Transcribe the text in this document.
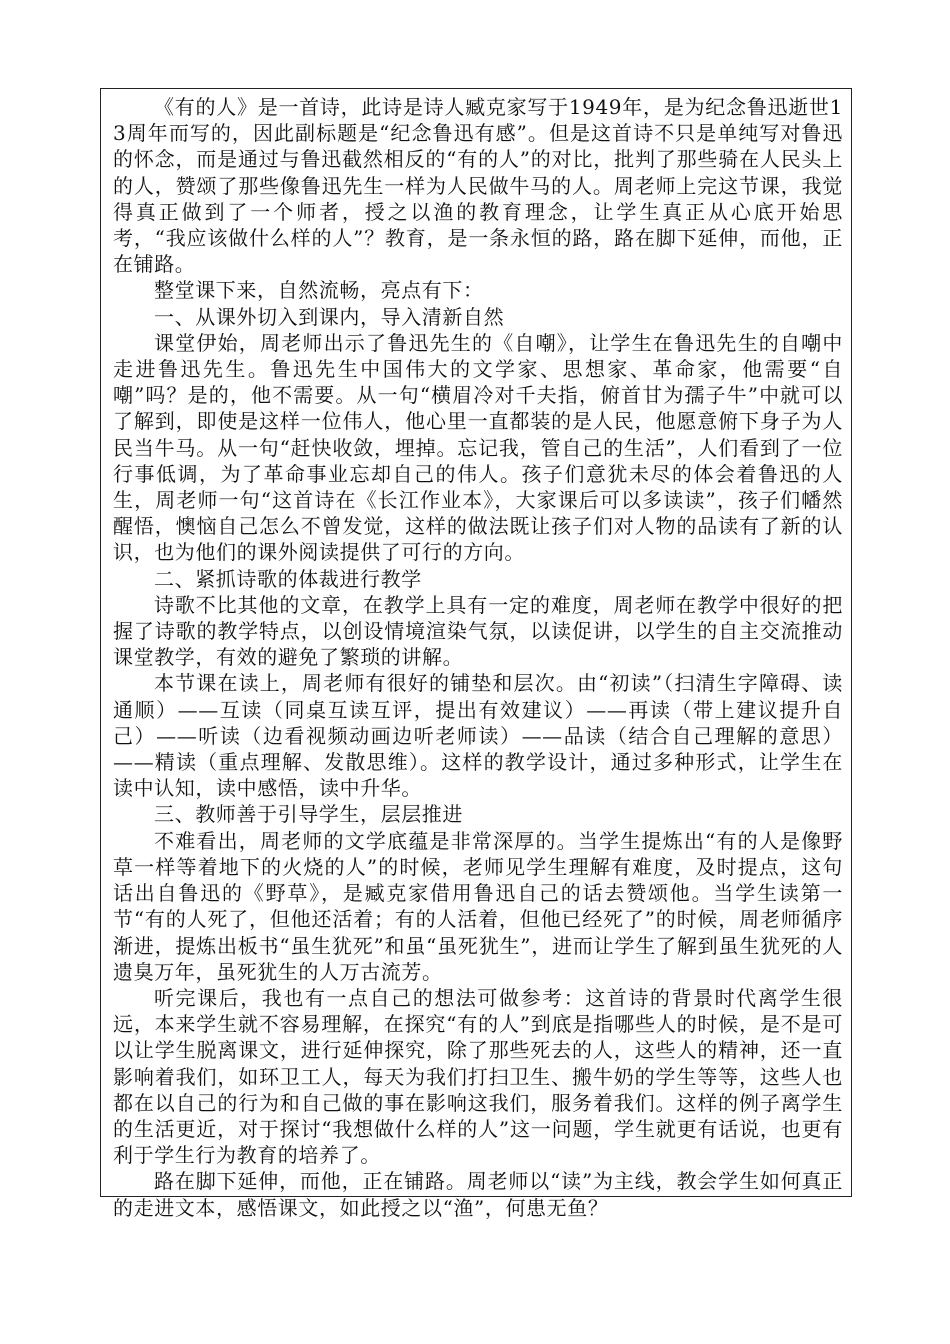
《有的人》是一首诗，此诗是诗人臧克家写于1949年，是为纪念鲁迅逝世13周年而写的，因此副标题是“纪念鲁迅有感”。但是这首诗不只是单纯写对鲁迅的怀念，而是通过与鲁迅截然相反的“有的人”的对比，批判了那些骑在人民头上的人，赞颂了那些像鲁迅先生一样为人民做牛马的人。周老师上完这节课，我觉得真正做到了一个师者，授之以渔的教育理念，让学生真正从心底开始思考，“我应该做什么样的人”？教育，是一条永恒的路，路在脚下延伸，而他，正在铺路。

整堂课下来，自然流畅，亮点有下：

一、从课外切入到课内，导入清新自然

课堂伊始，周老师出示了鲁迅先生的《自嘲》，让学生在鲁迅先生的自嘲中走进鲁迅先生。鲁迅先生中国伟大的文学家、思想家、革命家，他需要“自嘲”吗？是的，他不需要。从一句“横眉冷对千夫指，俯首甘为孺子牛”中就可以了解到，即使是这样一位伟人，他心里一直都装的是人民，他愿意俯下身子为人民当牛马。从一句“赶快收敛，埋掉。忘记我，管自己的生活”，人们看到了一位行事低调，为了革命事业忘却自己的伟人。孩子们意犹未尽的体会着鲁迅的人生，周老师一句“这首诗在《长江作业本》，大家课后可以多读读”，孩子们幡然醒悟，懊恼自己怎么不曾发觉，这样的做法既让孩子们对人物的品读有了新的认识，也为他们的课外阅读提供了可行的方向。

二、紧抓诗歌的体裁进行教学

诗歌不比其他的文章，在教学上具有一定的难度，周老师在教学中很好的把握了诗歌的教学特点，以创设情境渲染气氛，以读促讲，以学生的自主交流推动课堂教学，有效的避免了繁琐的讲解。

本节课在读上，周老师有很好的铺垫和层次。由“初读”（扫清生字障碍、读通顺）——互读（同桌互读互评，提出有效建议）——再读（带上建议提升自己）——听读（边看视频动画边听老师读）——品读（结合自己理解的意思）——精读（重点理解、发散思维）。这样的教学设计，通过多种形式，让学生在读中认知，读中感悟，读中升华。

三、教师善于引导学生，层层推进

不难看出，周老师的文学底蕴是非常深厚的。当学生提炼出“有的人是像野草一样等着地下的火烧的人”的时候，老师见学生理解有难度，及时提点，这句话出自鲁迅的《野草》，是臧克家借用鲁迅自己的话去赞颂他。当学生读第一节“有的人死了，但他还活着；有的人活着，但他已经死了”的时候，周老师循序渐进，提炼出板书“虽生犹死”和虽“虽死犹生”，进而让学生了解到虽生犹死的人遗臭万年，虽死犹生的人万古流芳。

听完课后，我也有一点自己的想法可做参考：这首诗的背景时代离学生很远，本来学生就不容易理解，在探究“有的人”到底是指哪些人的时候，是不是可以让学生脱离课文，进行延伸探究，除了那些死去的人，这些人的精神，还一直影响着我们，如环卫工人，每天为我们打扫卫生、搬牛奶的学生等等，这些人也都在以自己的行为和自己做的事在影响这我们，服务着我们。这样的例子离学生的生活更近，对于探讨“我想做什么样的人”这一问题，学生就更有话说，也更有利于学生行为教育的培养了。

路在脚下延伸，而他，正在铺路。周老师以“读”为主线，教会学生如何真正的走进文本，感悟课文，如此授之以“渔”，何患无鱼？
